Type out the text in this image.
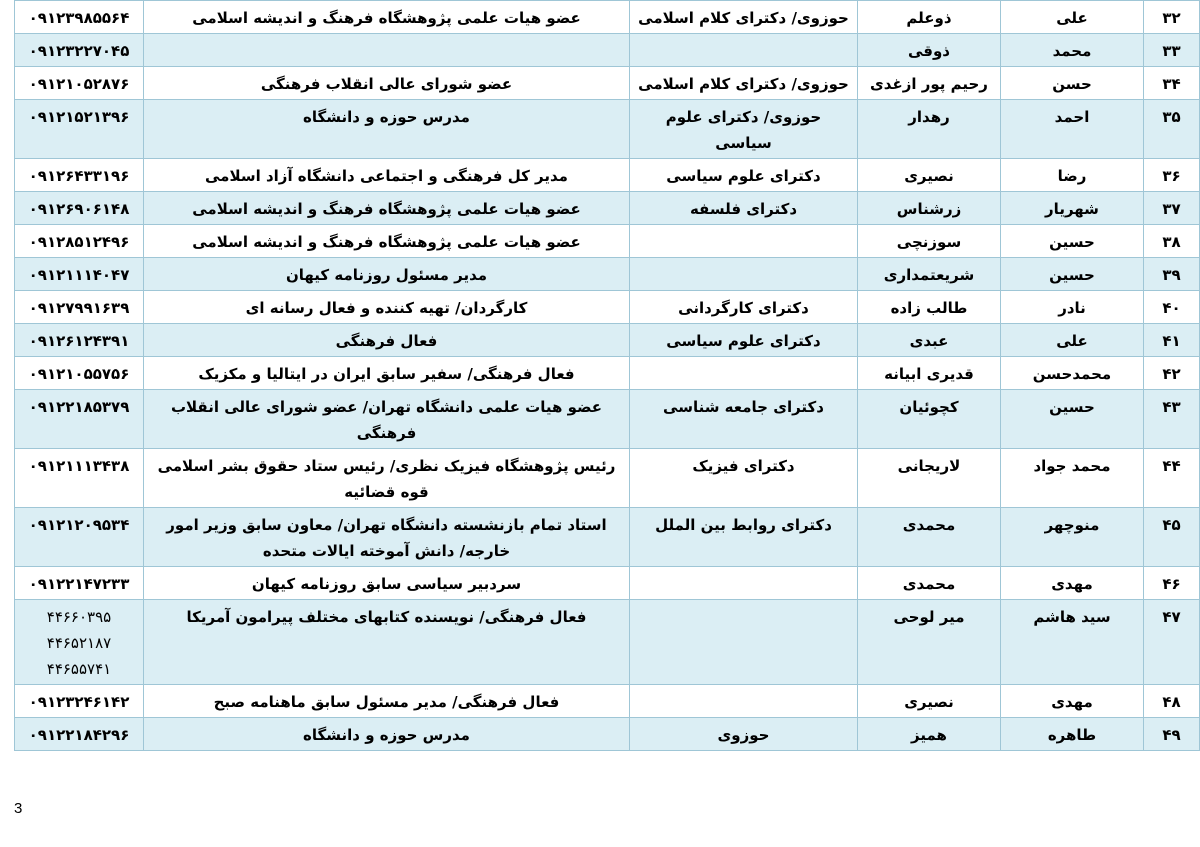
۳۲	علی	ذوعلم	حوزوی/ دکترای کلام اسلامی	عضو هیات علمی پژوهشگاه فرهنگ و اندیشه اسلامی	۰۹۱۲۳۹۸۵۵۶۴

۳۳	محمد	ذوقی			۰۹۱۲۳۲۲۷۰۴۵

۳۴	حسن	رحیم پور ازغدی	حوزوی/ دکترای کلام اسلامی	عضو شورای عالی انقلاب فرهنگی	۰۹۱۲۱۰۵۲۸۷۶

۳۵	احمد	رهدار	حوزوی/ دکترای علوم سیاسی	مدرس حوزه و دانشگاه	۰۹۱۲۱۵۲۱۳۹۶

۳۶	رضا	نصیری	دکترای علوم سیاسی	مدیر کل فرهنگی و اجتماعی دانشگاه آزاد اسلامی	۰۹۱۲۶۴۳۳۱۹۶

۳۷	شهریار	زرشناس	دکترای فلسفه	عضو هیات علمی پژوهشگاه فرهنگ و اندیشه اسلامی	۰۹۱۲۶۹۰۶۱۴۸

۳۸	حسین	سوزنچی		عضو هیات علمی پژوهشگاه فرهنگ و اندیشه اسلامی	۰۹۱۲۸۵۱۲۴۹۶

۳۹	حسین	شریعتمداری		مدیر مسئول روزنامه کیهان	۰۹۱۲۱۱۱۴۰۴۷

۴۰	نادر	طالب زاده	دکترای کارگردانی	کارگردان/ تهیه کننده و فعال رسانه ای	۰۹۱۲۷۹۹۱۶۳۹

۴۱	علی	عبدی	دکترای علوم سیاسی	فعال فرهنگی	۰۹۱۲۶۱۲۴۳۹۱

۴۲	محمدحسن	قدیری ابیانه		فعال فرهنگی/ سفیر سابق ایران در ایتالیا و مکزیک	۰۹۱۲۱۰۵۵۷۵۶

۴۳	حسین	کچوئیان	دکترای جامعه شناسی	عضو هیات علمی دانشگاه تهران/ عضو شورای عالی انقلاب فرهنگی	۰۹۱۲۲۱۸۵۳۷۹

۴۴	محمد جواد	لاریجانی	دکترای فیزیک	رئیس پژوهشگاه فیزیک نظری/ رئیس ستاد حقوق بشر اسلامی قوه قضائیه	۰۹۱۲۱۱۱۳۴۳۸

۴۵	منوچهر	محمدی	دکترای روابط بین الملل	استاد تمام بازنشسته دانشگاه تهران/ معاون سابق وزیر امور خارجه/ دانش آموخته ایالات متحده	۰۹۱۲۱۲۰۹۵۳۴

۴۶	مهدی	محمدی		سردبیر سیاسی سابق روزنامه کیهان	۰۹۱۲۲۱۴۷۲۳۳

۴۷	سید هاشم	میر لوحی		فعال فرهنگی/ نویسنده کتابهای مختلف پیرامون آمریکا	۴۴۶۶۰۳۹۵
۴۴۶۵۲۱۸۷
۴۴۶۵۵۷۴۱

۴۸	مهدی	نصیری		فعال فرهنگی/ مدیر مسئول سابق ماهنامه صبح	۰۹۱۲۳۲۴۶۱۴۲

۴۹	طاهره	همیز	حوزوی	مدرس حوزه و دانشگاه	۰۹۱۲۲۱۸۴۲۹۶
3
